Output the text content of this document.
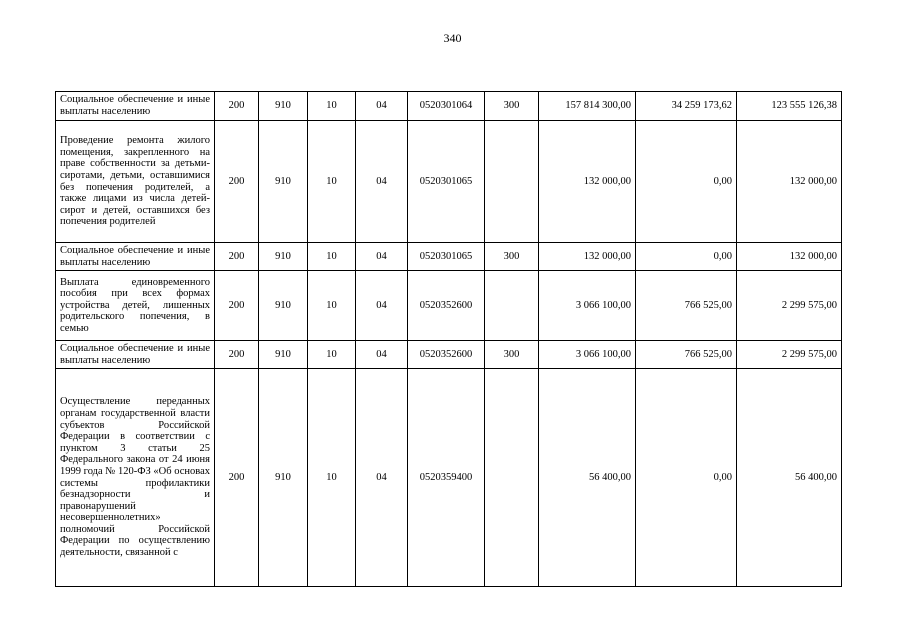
340
Социальное обеспечение и иные выплаты населению	200	910	10	04	0520301064	300	157 814 300,00	34 259 173,62	123 555 126,38
Проведение ремонта жилого помещения, закрепленного на праве собственности за детьми-сиротами, детьми, оставшимися без попечения родителей, а также лицами из числа детей-сирот и детей, оставшихся без попечения родителей	200	910	10	04	0520301065		132 000,00	0,00	132 000,00
Социальное обеспечение и иные выплаты населению	200	910	10	04	0520301065	300	132 000,00	0,00	132 000,00
Выплата единовременного пособия при всех формах устройства детей, лишенных родительского попечения, в семью	200	910	10	04	0520352600		3 066 100,00	766 525,00	2 299 575,00
Социальное обеспечение и иные выплаты населению	200	910	10	04	0520352600	300	3 066 100,00	766 525,00	2 299 575,00
Осуществление переданных органам государственной власти субъектов Российской Федерации в соответствии с пунктом 3 статьи 25 Федерального закона от 24 июня 1999 года № 120-ФЗ «Об основах системы профилактики безнадзорности и правонарушений несовершеннолетних» полномочий Российской Федерации по осуществлению деятельности, связанной с	200	910	10	04	0520359400		56 400,00	0,00	56 400,00
